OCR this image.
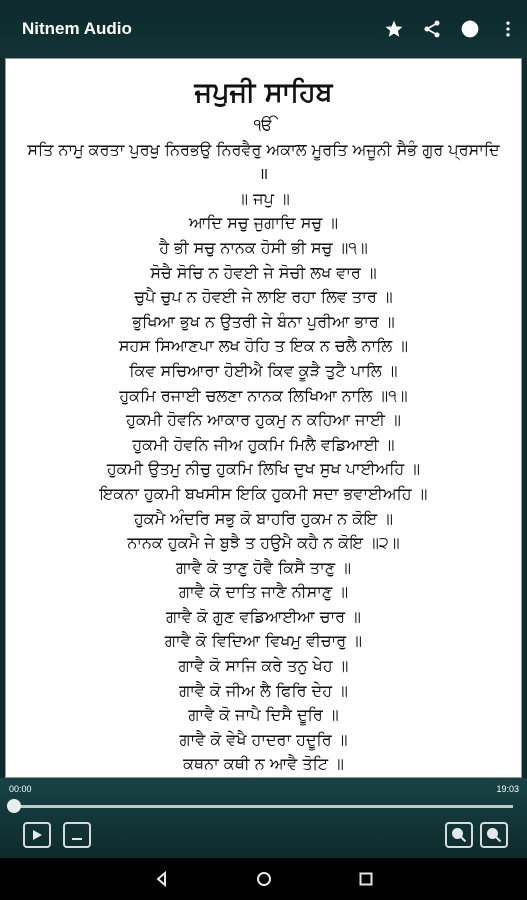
Nitnem Audio
ਜਪੁਜੀ ਸਾਹਿਬ
ੴ
ਸਤਿ ਨਾਮੁ ਕਰਤਾ ਪੁਰਖੁ ਨਿਰਭਉ ਨਿਰਵੈਰੁ ਅਕਾਲ ਮੂਰਤਿ ਅਜੂਨੀ ਸੈਭੰ ਗੁਰ ਪ੍ਰਸਾਦਿ
॥
॥ ਜਪੁ ॥
ਆਦਿ ਸਚੁ ਜੁਗਾਦਿ ਸਚੁ ॥
ਹੈ ਭੀ ਸਚੁ ਨਾਨਕ ਹੋਸੀ ਭੀ ਸਚੁ ॥੧॥
ਸੋਚੈ ਸੋਚਿ ਨ ਹੋਵਈ ਜੇ ਸੋਚੀ ਲਖ ਵਾਰ ॥
ਚੁਪੈ ਚੁਪ ਨ ਹੋਵਈ ਜੇ ਲਾਇ ਰਹਾ ਲਿਵ ਤਾਰ ॥
ਭੁਖਿਆ ਭੁਖ ਨ ਉਤਰੀ ਜੇ ਬੰਨਾ ਪੁਰੀਆ ਭਾਰ ॥
ਸਹਸ ਸਿਆਣਪਾ ਲਖ ਹੋਹਿ ਤ ਇਕ ਨ ਚਲੈ ਨਾਲਿ ॥
ਕਿਵ ਸਚਿਆਰਾ ਹੋਈਐ ਕਿਵ ਕੂੜੈ ਤੁਟੈ ਪਾਲਿ ॥
ਹੁਕਮਿ ਰਜਾਈ ਚਲਣਾ ਨਾਨਕ ਲਿਖਿਆ ਨਾਲਿ ॥੧॥
ਹੁਕਮੀ ਹੋਵਨਿ ਆਕਾਰ ਹੁਕਮੁ ਨ ਕਹਿਆ ਜਾਈ ॥
ਹੁਕਮੀ ਹੋਵਨਿ ਜੀਅ ਹੁਕਮਿ ਮਿਲੈ ਵਡਿਆਈ ॥
ਹੁਕਮੀ ਉਤਮੁ ਨੀਚੁ ਹੁਕਮਿ ਲਿਖਿ ਦੁਖ ਸੁਖ ਪਾਈਅਹਿ ॥
ਇਕਨਾ ਹੁਕਮੀ ਬਖਸੀਸ ਇਕਿ ਹੁਕਮੀ ਸਦਾ ਭਵਾਈਅਹਿ ॥
ਹੁਕਮੈ ਅੰਦਰਿ ਸਭੁ ਕੋ ਬਾਹਰਿ ਹੁਕਮ ਨ ਕੋਇ ॥
ਨਾਨਕ ਹੁਕਮੈ ਜੇ ਬੁਝੈ ਤ ਹਉਮੈ ਕਹੈ ਨ ਕੋਇ ॥੨॥
ਗਾਵੈ ਕੋ ਤਾਣੁ ਹੋਵੈ ਕਿਸੈ ਤਾਣੁ ॥
ਗਾਵੈ ਕੋ ਦਾਤਿ ਜਾਣੈ ਨੀਸਾਣੁ ॥
ਗਾਵੈ ਕੋ ਗੁਣ ਵਡਿਆਈਆ ਚਾਰ ॥
ਗਾਵੈ ਕੋ ਵਿਦਿਆ ਵਿਖਮੁ ਵੀਚਾਰੁ ॥
ਗਾਵੈ ਕੋ ਸਾਜਿ ਕਰੇ ਤਨੁ ਖੇਹ ॥
ਗਾਵੈ ਕੋ ਜੀਅ ਲੈ ਫਿਰਿ ਦੇਹ ॥
ਗਾਵੈ ਕੋ ਜਾਪੈ ਦਿਸੈ ਦੂਰਿ ॥
ਗਾਵੈ ਕੋ ਵੇਖੈ ਹਾਦਰਾ ਹਦੂਰਿ ॥
ਕਥਨਾ ਕਥੀ ਨ ਆਵੈ ਤੋਟਿ ॥
00:00	19:03
